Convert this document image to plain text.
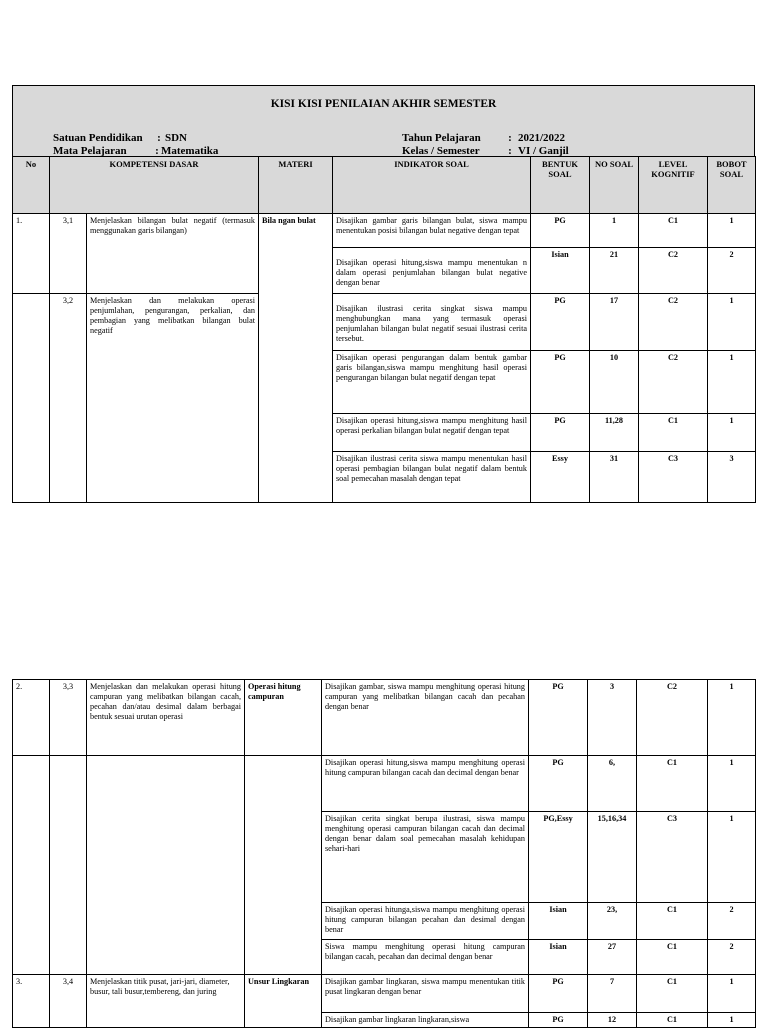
KISI KISI PENILAIAN AKHIR SEMESTER
Satuan Pendidikan : SDN
Mata Pelajaran	: Matematika
Tahun Pelajaran : 2021/2022
Kelas / Semester	: VI / Ganjil
No	KOMPETENSI DASAR		MATERI	INDIKATOR SOAL	BENTUK SOAL	NO SOAL	LEVEL KOGNITIF	BOBOT SOAL
1.	3,1	Menjelaskan bilangan bulat negatif (termasuk menggunakan garis bilangan)	Bila ngan bulat	Disajikan gambar garis bilangan bulat, siswa mampu menentukan posisi bilangan bulat negative dengan tepat	PG	1	C1	1
				Disajikan operasi hitung,siswa mampu menentukan n dalam operasi penjumlahan bilangan bulat negative dengan benar	Isian	21	C2	2
	3,2	Menjelaskan dan melakukan operasi penjumlahan, pengurangan, perkalian, dan pembagian yang melibatkan bilangan bulat negatif		Disajikan ilustrasi cerita singkat siswa mampu menghubungkan mana yang termasuk operasi penjumlahan bilangan bulat negatif sesuai ilustrasi cerita tersebut.	PG	17	C2	1
				Disajikan operasi pengurangan dalam bentuk gambar garis bilangan,siswa mampu menghitung hasil operasi pengurangan bilangan bulat negatif dengan tepat	PG	10	C2	1
				Disajikan operasi hitung,siswa mampu menghitung hasil operasi perkalian bilangan bulat negatif dengan tepat	PG	11,28	C1	1
				Disajikan ilustrasi cerita siswa mampu menentukan hasil operasi pembagian bilangan bulat negatif dalam bentuk soal pemecahan masalah dengan tepat	Essy	31	C3	3
2.	3,3	Menjelaskan dan melakukan operasi hitung campuran yang melibatkan bilangan cacah, pecahan dan/atau desimal dalam berbagai bentuk sesuai urutan operasi	Operasi hitung campuran	Disajikan gambar, siswa mampu menghitung operasi hitung campuran yang melibatkan bilangan cacah dan pecahan dengan benar	PG	3	C2	1
				Disajikan operasi hitung,siswa mampu menghitung operasi hitung campuran bilangan cacah dan decimal dengan benar	PG	6,	C1	1
				Disajikan cerita singkat berupa ilustrasi, siswa mampu menghitung operasi campuran bilangan cacah dan decimal dengan benar dalam soal pemecahan masalah kehidupan sehari-hari	PG,Essy	15,16,34	C3	1
				Disajikan operasi hitunga,siswa mampu menghitung operasi hitung campuran bilangan pecahan dan desimal dengan benar	Isian	23,	C1	2
				Siswa mampu menghitung operasi hitung campuran bilangan cacah, pecahan dan decimal dengan benar	Isian	27	C1	2
3.	3,4	Menjelaskan titik pusat, jari-jari, diameter, busur, tali busur,tembereng, dan juring	Unsur Lingkaran	Disajikan gambar lingkaran, siswa mampu menentukan titik pusat lingkaran dengan benar	PG	7	C1	1
				Disajikan gambar lingkaran lingkaran,siswa	PG	12	C1	1
